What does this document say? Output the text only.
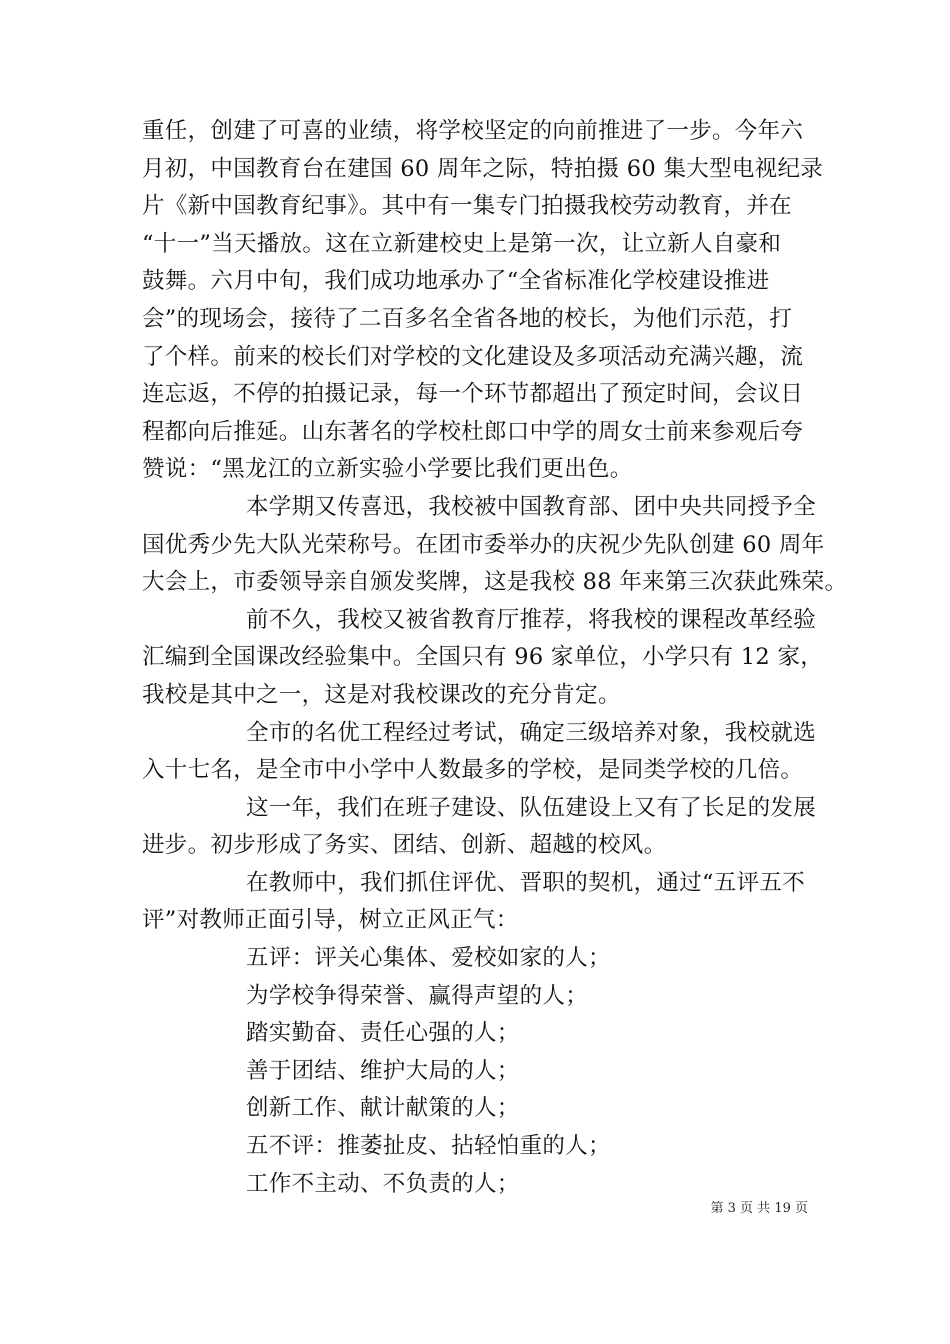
重任，创建了可喜的业绩，将学校坚定的向前推进了一步。今年六
月初，中国教育台在建国 60 周年之际，特拍摄 60 集大型电视纪录
片《新中国教育纪事》。其中有一集专门拍摄我校劳动教育，并在
“十一”当天播放。这在立新建校史上是第一次，让立新人自豪和
鼓舞。六月中旬，我们成功地承办了“全省标准化学校建设推进
会”的现场会，接待了二百多名全省各地的校长，为他们示范，打
了个样。前来的校长们对学校的文化建设及多项活动充满兴趣，流
连忘返，不停的拍摄记录，每一个环节都超出了预定时间，会议日
程都向后推延。山东著名的学校杜郎口中学的周女士前来参观后夸
赞说：“黑龙江的立新实验小学要比我们更出色。
本学期又传喜迅，我校被中国教育部、团中央共同授予全
国优秀少先大队光荣称号。在团市委举办的庆祝少先队创建 60 周年
大会上，市委领导亲自颁发奖牌，这是我校 88 年来第三次获此殊荣。
前不久，我校又被省教育厅推荐，将我校的课程改革经验
汇编到全国课改经验集中。全国只有 96 家单位，小学只有 12 家，
我校是其中之一，这是对我校课改的充分肯定。
全市的名优工程经过考试，确定三级培养对象，我校就选
入十七名，是全市中小学中人数最多的学校，是同类学校的几倍。
这一年，我们在班子建设、队伍建设上又有了长足的发展
进步。初步形成了务实、团结、创新、超越的校风。
在教师中，我们抓住评优、晋职的契机，通过“五评五不
评”对教师正面引导，树立正风正气：
五评：评关心集体、爱校如家的人；
为学校争得荣誉、赢得声望的人；
踏实勤奋、责任心强的人；
善于团结、维护大局的人；
创新工作、献计献策的人；
五不评：推萎扯皮、拈轻怕重的人；
工作不主动、不负责的人；
第 3 页 共 19 页
